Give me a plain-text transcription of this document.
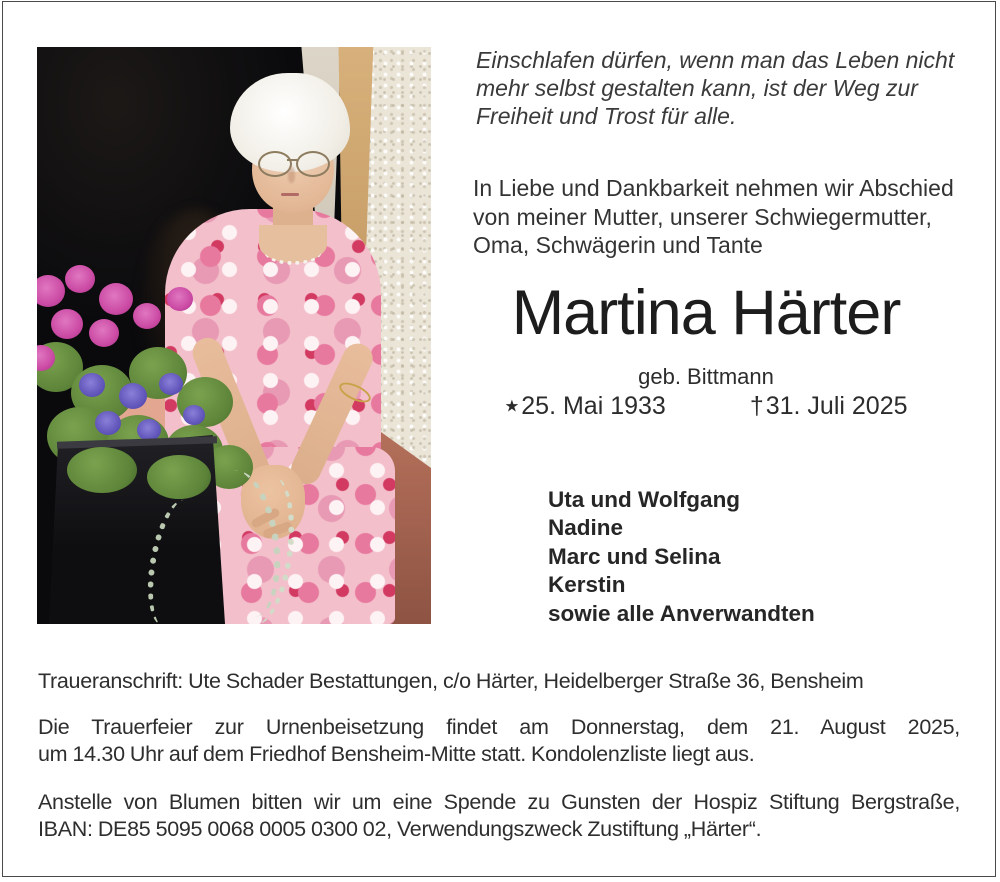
Einschlafen dürfen, wenn man das Leben nicht
mehr selbst gestalten kann, ist der Weg zur
Freiheit und Trost für alle.
In Liebe und Dankbarkeit nehmen wir Abschied
von meiner Mutter, unserer Schwiegermutter,
Oma, Schwägerin und Tante
Martina Härter
geb. Bittmann
★25. Mai 1933	†31. Juli 2025
Uta und Wolfgang
Nadine
Marc und Selina
Kerstin
sowie alle Anverwandten
Traueranschrift: Ute Schader Bestattungen, c/o Härter, Heidelberger Straße 36, Bensheim
Die Trauerfeier zur Urnenbeisetzung findet am Donnerstag, dem 21. August 2025,
um 14.30 Uhr auf dem Friedhof Bensheim-Mitte statt. Kondolenzliste liegt aus.
Anstelle von Blumen bitten wir um eine Spende zu Gunsten der Hospiz Stiftung Bergstraße,
IBAN: DE85 5095 0068 0005 0300 02, Verwendungszweck Zustiftung „Härter“.
